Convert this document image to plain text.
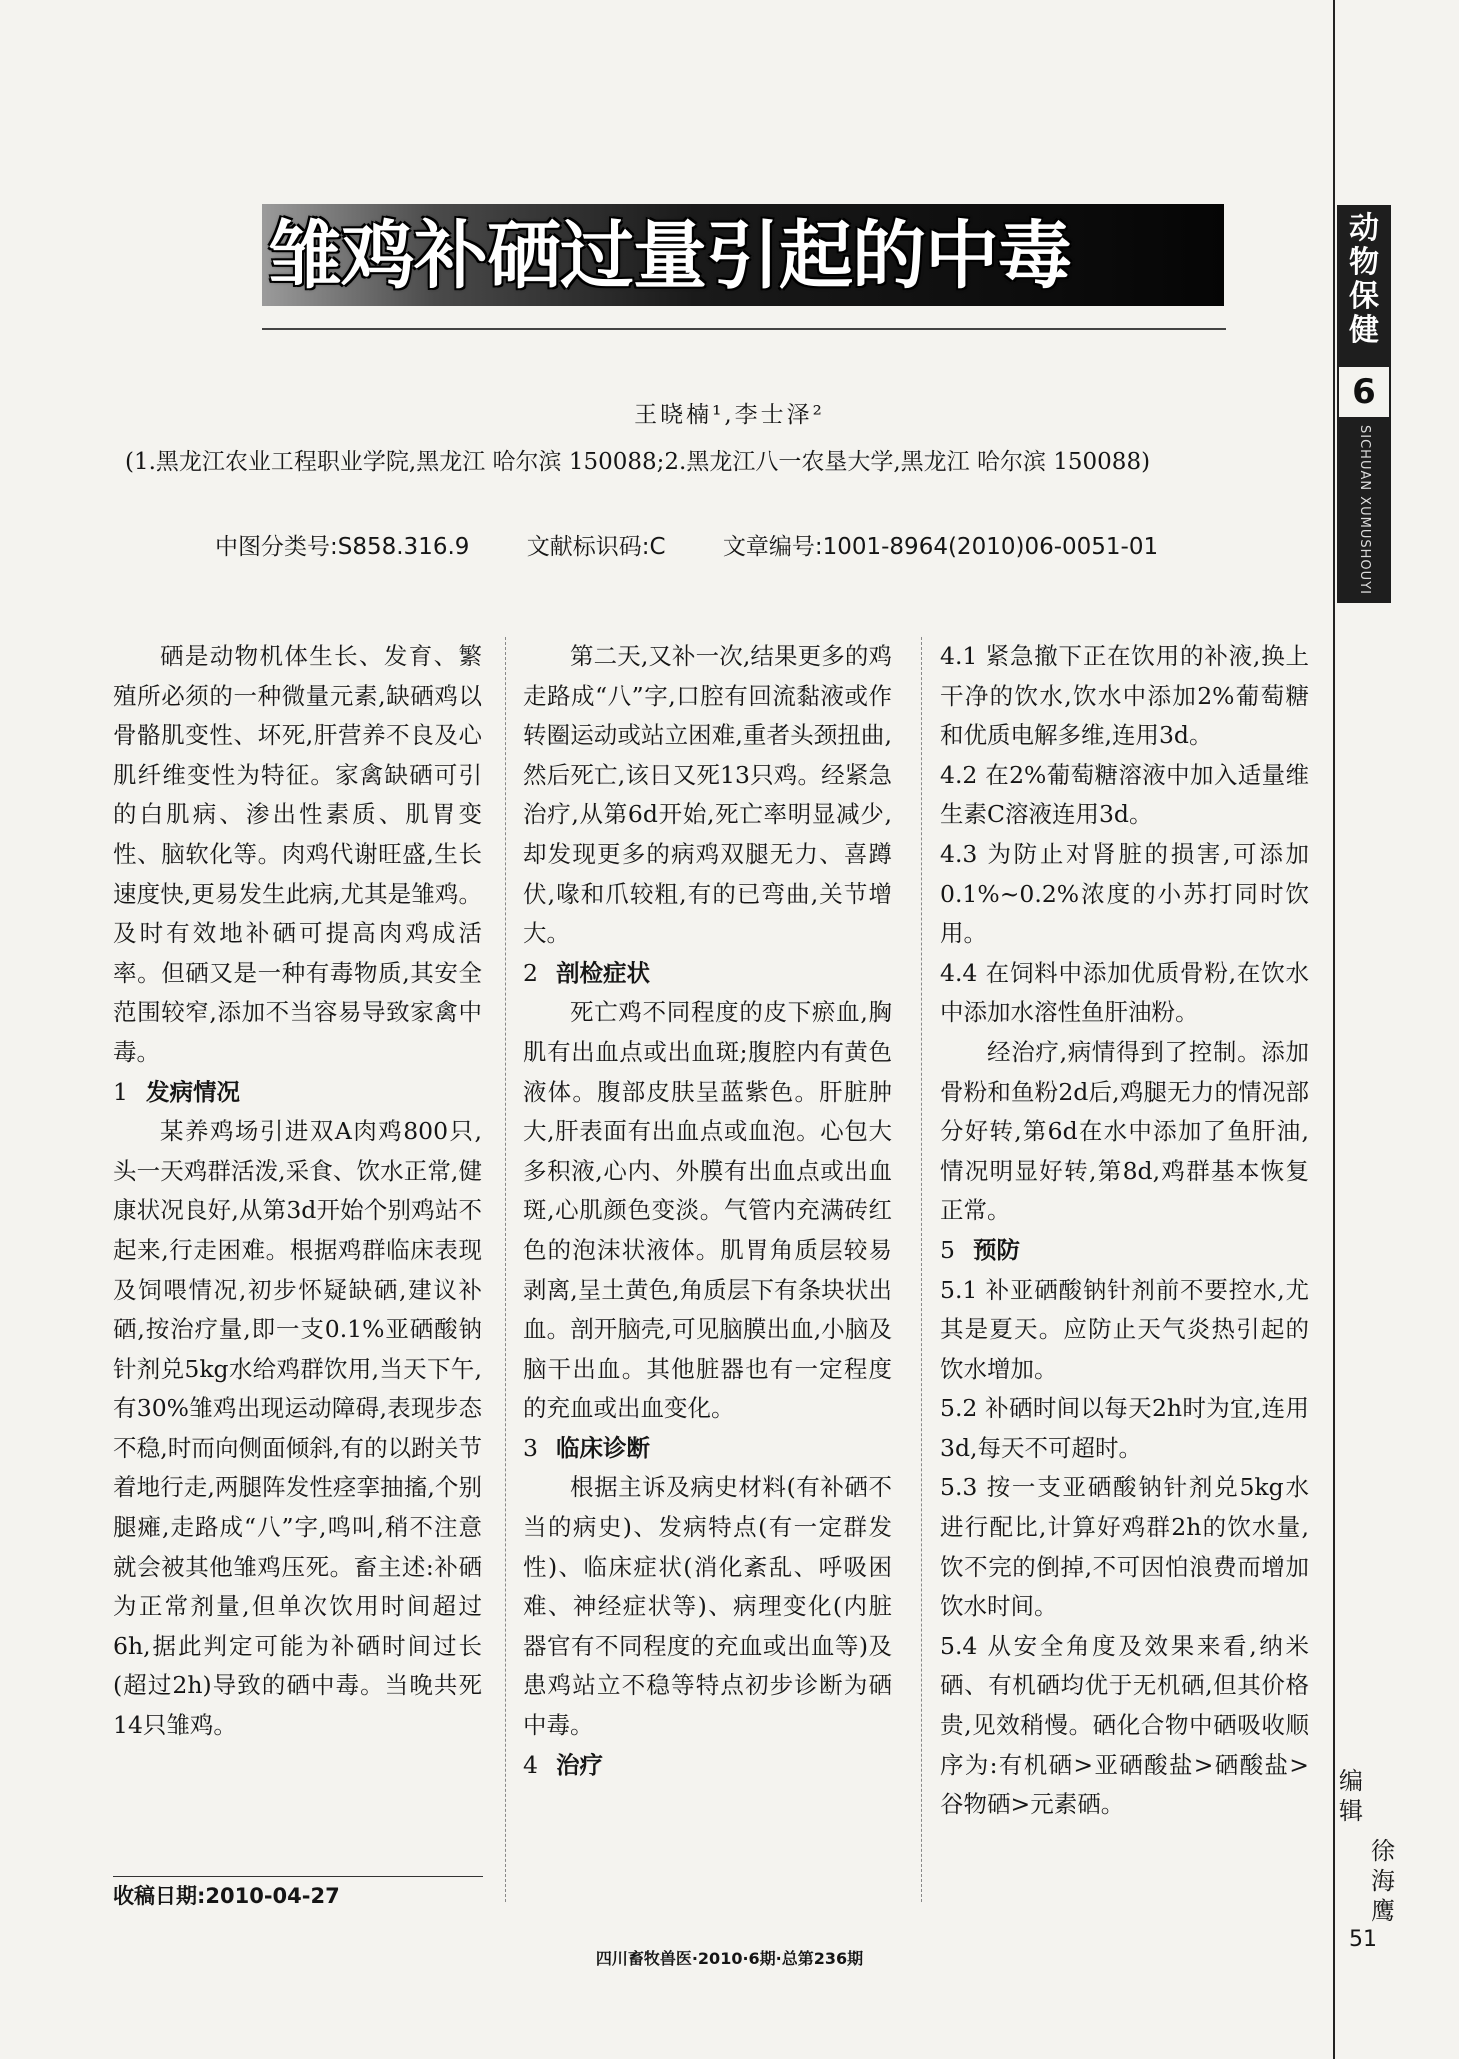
雏鸡补硒过量引起的中毒
王晓楠¹,李士泽²
(1.黑龙江农业工程职业学院,黑龙江 哈尔滨 150088;2.黑龙江八一农垦大学,黑龙江 哈尔滨 150088)
中图分类号:S858.316.9 文献标识码:C 文章编号:1001-8964(2010)06-0051-01
动物保健
6
SICHUAN XUMUSHOUYI
编辑
徐海鹰
51

硒是动物机体生长、发育、繁殖所必须的一种微量元素,缺硒鸡以骨骼肌变性、坏死,肝营养不良及心肌纤维变性为特征。家禽缺硒可引的白肌病、渗出性素质、肌胃变性、脑软化等。肉鸡代谢旺盛,生长速度快,更易发生此病,尤其是雏鸡。及时有效地补硒可提高肉鸡成活率。但硒又是一种有毒物质,其安全范围较窄,添加不当容易导致家禽中毒。

1 发病情况

某养鸡场引进双A肉鸡800只,头一天鸡群活泼,采食、饮水正常,健康状况良好,从第3d开始个别鸡站不起来,行走困难。根据鸡群临床表现及饲喂情况,初步怀疑缺硒,建议补硒,按治疗量,即一支0.1%亚硒酸钠针剂兑5kg水给鸡群饮用,当天下午,有30%雏鸡出现运动障碍,表现步态不稳,时而向侧面倾斜,有的以跗关节着地行走,两腿阵发性痉挛抽搐,个别腿瘫,走路成“八”字,鸣叫,稍不注意就会被其他雏鸡压死。畜主述:补硒为正常剂量,但单次饮用时间超过6h,据此判定可能为补硒时间过长(超过2h)导致的硒中毒。当晚共死14只雏鸡。

第二天,又补一次,结果更多的鸡走路成“八”字,口腔有回流黏液或作转圈运动或站立困难,重者头颈扭曲,然后死亡,该日又死13只鸡。经紧急治疗,从第6d开始,死亡率明显减少,却发现更多的病鸡双腿无力、喜蹲伏,喙和爪较粗,有的已弯曲,关节增大。

2 剖检症状

死亡鸡不同程度的皮下瘀血,胸肌有出血点或出血斑;腹腔内有黄色液体。腹部皮肤呈蓝紫色。肝脏肿大,肝表面有出血点或血泡。心包大多积液,心内、外膜有出血点或出血斑,心肌颜色变淡。气管内充满砖红色的泡沫状液体。肌胃角质层较易剥离,呈土黄色,角质层下有条块状出血。剖开脑壳,可见脑膜出血,小脑及脑干出血。其他脏器也有一定程度的充血或出血变化。

3 临床诊断

根据主诉及病史材料(有补硒不当的病史)、发病特点(有一定群发性)、临床症状(消化紊乱、呼吸困难、神经症状等)、病理变化(内脏器官有不同程度的充血或出血等)及患鸡站立不稳等特点初步诊断为硒中毒。

4 治疗

4.1 紧急撤下正在饮用的补液,换上干净的饮水,饮水中添加2%葡萄糖和优质电解多维,连用3d。

4.2 在2%葡萄糖溶液中加入适量维生素C溶液连用3d。

4.3 为防止对肾脏的损害,可添加0.1%~0.2%浓度的小苏打同时饮用。

4.4 在饲料中添加优质骨粉,在饮水中添加水溶性鱼肝油粉。

经治疗,病情得到了控制。添加骨粉和鱼粉2d后,鸡腿无力的情况部分好转,第6d在水中添加了鱼肝油,情况明显好转,第8d,鸡群基本恢复正常。

5 预防

5.1 补亚硒酸钠针剂前不要控水,尤其是夏天。应防止天气炎热引起的饮水增加。

5.2 补硒时间以每天2h时为宜,连用3d,每天不可超时。

5.3 按一支亚硒酸钠针剂兑5kg水进行配比,计算好鸡群2h的饮水量,饮不完的倒掉,不可因怕浪费而增加饮水时间。

5.4 从安全角度及效果来看,纳米硒、有机硒均优于无机硒,但其价格贵,见效稍慢。硒化合物中硒吸收顺序为:有机硒>亚硒酸盐>硒酸盐>谷物硒>元素硒。

收稿日期:2010-04-27
四川畜牧兽医·2010·6期·总第236期
